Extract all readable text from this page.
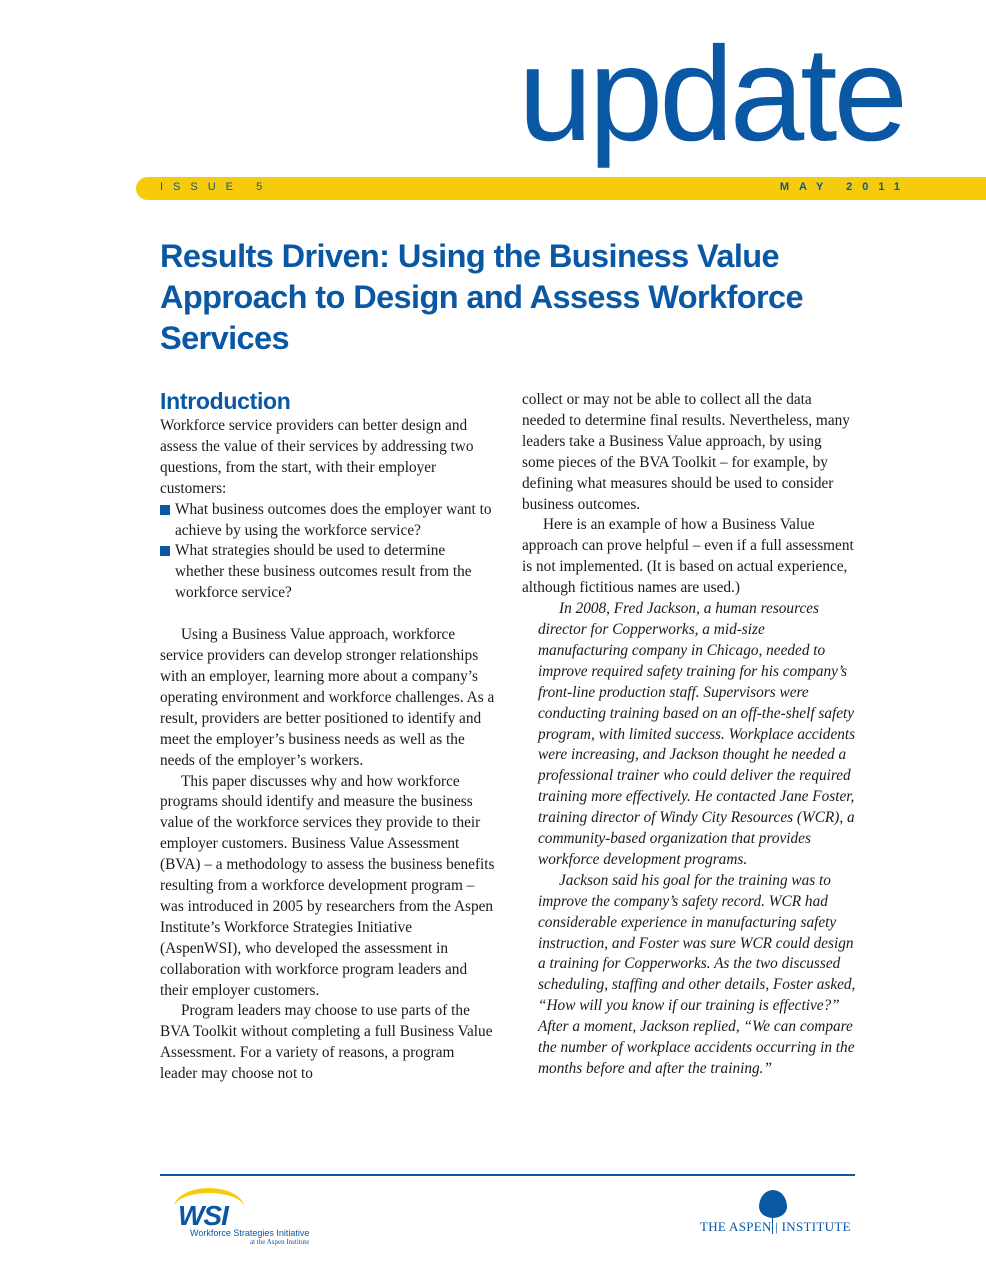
update
ISSUE 5	MAY 2011
Results Driven: Using the Business Value Approach to Design and Assess Workforce Services
Introduction

Workforce service providers can better design and assess the value of their services by addressing two questions, from the start, with their employer customers:

What business outcomes does the employer want to achieve by using the workforce service?
What strategies should be used to determine whether these business outcomes result from the workforce service?

Using a Business Value approach, workforce service providers can develop stronger relationships with an employer, learning more about a company’s operating environment and workforce challenges. As a result, providers are better positioned to identify and meet the employer’s business needs as well as the needs of the employer’s workers.

This paper discusses why and how workforce programs should identify and measure the business value of the workforce services they provide to their employer customers. Business Value Assessment (BVA) – a methodology to assess the business benefits resulting from a workforce development program – was introduced in 2005 by researchers from the Aspen Institute’s Workforce Strategies Initiative (AspenWSI), who developed the assessment in collaboration with workforce program leaders and their employer customers.

Program leaders may choose to use parts of the BVA Toolkit without completing a full Business Value Assessment. For a variety of reasons, a program leader may choose not to

collect or may not be able to collect all the data needed to determine final results. Nevertheless, many leaders take a Business Value approach, by using some pieces of the BVA Toolkit – for example, by defining what measures should be used to consider business outcomes.

Here is an example of how a Business Value approach can prove helpful – even if a full assessment is not implemented. (It is based on actual experience, although fictitious names are used.)

In 2008, Fred Jackson, a human resources director for Copperworks, a mid-size manufacturing company in Chicago, needed to improve required safety training for his company’s front-line production staff. Supervisors were conducting training based on an off-the-shelf safety program, with limited success. Workplace accidents were increasing, and Jackson thought he needed a professional trainer who could deliver the required training more effectively. He contacted Jane Foster, training director of Windy City Resources (WCR), a community-based organization that provides workforce development programs.

Jackson said his goal for the training was to improve the company’s safety record. WCR had considerable experience in manufacturing safety instruction, and Foster was sure WCR could design a training for Copperworks. As the two discussed scheduling, staffing and other details, Foster asked, “How will you know if our training is effective?” After a moment, Jackson replied, “We can compare the number of workplace accidents occurring in the months before and after the training.”

WSI
Workforce Strategies Initiative
at the Aspen Institute
THE ASPEN | INSTITUTE
